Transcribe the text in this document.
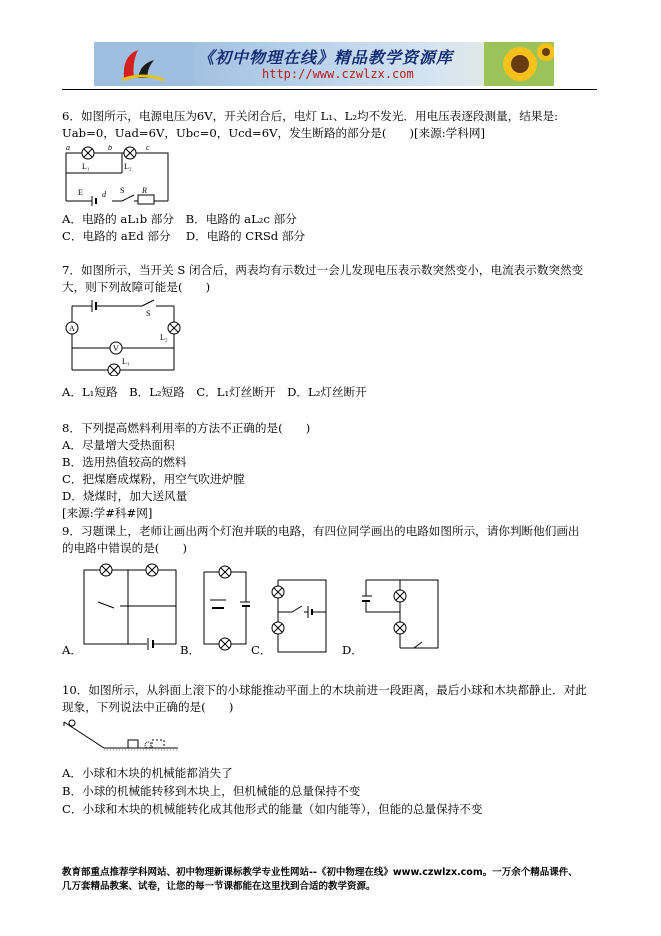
《初中物理在线》精品教学资源库
http://www.czwlzx.com
6．如图所示，电源电压为6V，开关闭合后，电灯 L₁、L₂均不发光．用电压表逐段测量，结果是:
Uab=0，Uad=6V，Ubc=0，Ucd=6V，发生断路的部分是(　　)[来源:学科网]
a	b	c
L₁	L₂
E d S R
A．电路的 aL₁b 部分　B．电路的 aL₂c 部分
C．电路的 aEd 部分　 D．电路的 CRSd 部分
7．如图所示，当开关 S 闭合后，两表均有示数过一会儿发现电压表示数突然变小，电流表示数突然变
大，则下列故障可能是(　　)
A
S
L₂
V
L₁
A．L₁短路　B．L₂短路　C．L₁灯丝断开　D．L₂灯丝断开
8．下列提高燃料利用率的方法不正确的是(　　)
A．尽量增大受热面积
B．选用热值较高的燃料
C．把煤磨成煤粉，用空气吹进炉膛
D．烧煤时，加大送风量
[来源:学#科#网]
9．习题课上，老师让画出两个灯泡并联的电路，有四位同学画出的电路如图所示，请你判断他们画出
的电路中错误的是(　　)
A．	B．	C．	D．
10．如图所示，从斜面上滚下的小球能推动平面上的木块前进一段距离，最后小球和木块都静止．对此
现象，下列说法中正确的是(　　)
A．小球和木块的机械能都消失了
B．小球的机械能转移到木块上，但机械能的总量保持不变
C．小球和木块的机械能转化成其他形式的能量（如内能等），但能的总量保持不变
教育部重点推荐学科网站、初中物理新课标教学专业性网站--《初中物理在线》www.czwlzx.com。一万余个精品课件、
几万套精品教案、试卷，让您的每一节课都能在这里找到合适的教学资源。
